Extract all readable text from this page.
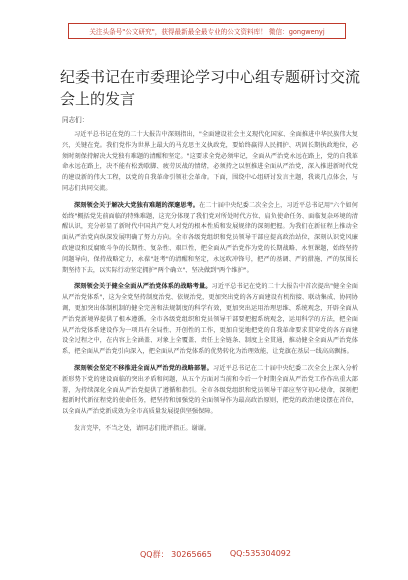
关注头条号"公文研究"，获得最新最全最专业的公文资料库！ 微信：gongwenyj
纪委书记在市委理论学习中心组专题研讨交流会上的发言
同志们：

习近平总书记在党的二十大报告中深刻指出，"全面建设社会主义现代化国家、全面推进中华民族伟大复兴，关键在党。我们党作为世界上最大的马克思主义执政党，要始终赢得人民拥护、巩固长期执政地位，必须时刻保持解决大党独有难题的清醒和坚定。"这要求全党必须牢记，全面从严治党永远在路上，党的自我革命永远在路上，决不能有松劲歇脚、疲劳厌战的情绪，必须持之以恒推进全面从严治党，深入推进新时代党的建设新的伟大工程，以党的自我革命引领社会革命。下面，围绕中心组研讨发言主题，我谈几点体会，与同志们共同交流。

深刻领会关于解决大党独有难题的深邃思考。在二十届中央纪委二次全会上，习近平总书记用"六个如何始终"概括党先前面临的特殊难题，这充分体现了我们党对所处时代方位、肩负使命任务、面临复杂环境的清醒认识，充分彰显了新时代中国共产党人对党的根本性质和发展规律的深刻把握。为我们在新征程上推动全面从严治党向纵深发展明确了努力方向。全市各级党组织和党员领导干部应提高政治站位，深刻认识党风廉政建设和反腐败斗争的长期性、复杂性、艰巨性，把全面从严治党作为党的长期战略、永恒课题，始终坚持问题导向，保持战略定力，永葆"赶考"的清醒和坚定，永远吹冲锋号，把严的基调、严的措施、严的氛围长期坚持下去，以实际行动坚定拥护"两个确立"、坚决做到"两个维护"。

深刻领会关于健全全面从严治党体系的战略考量。习近平总书记在党的二十大报告中首次提出"健全全面从严治党体系"，这为全党坚持制度治党、依规治党，更加突出党的各方面建设有机衔接、联动集成、协同协调，更加突出体制机制的健全完善和法规制度的科学有效，更加突出运用治理思维、系统观念，开辟全面从严治党新境界提供了根本遵循。全市各级党组织和党员领导干部要把握系统观念，运用科学的方法，把全面从严治党体系建设作为一项具有全局性、开创性的工作，更加自觉地把党的自我革命要求贯穿党的各方面建设全过程之中，在内容上全涵盖、对象上全覆盖、责任上全链条、制度上全贯通，推动健全全面从严治党体系，把全面从严治党引向深入，把全面从严治党体系的优势转化为治理效能，让党旗在基层一线高高飘扬。

深刻领会坚定不移推进全面从严治党的战略部署。习近平总书记在二十届中央纪委二次全会上深入分析新形势下党的建设面临的突出矛盾和问题，从五个方面对当前和今后一个时期全面从严治党工作作出重大部署，为持续深化全面从严治党提供了遵循和指引。全市各级党组织和党员领导干部应坚守初心使命，深刻把握新时代新征程党的使命任务，把坚持和加强党的全面领导作为最高政治原则，把党的政治建设摆在首位，以全面从严治党新成效为全市高质量发展提供坚强保障。

发言完毕，不当之处，请同志们批评指正。谢谢。

QQ群： 30265665 QQ:535304092
